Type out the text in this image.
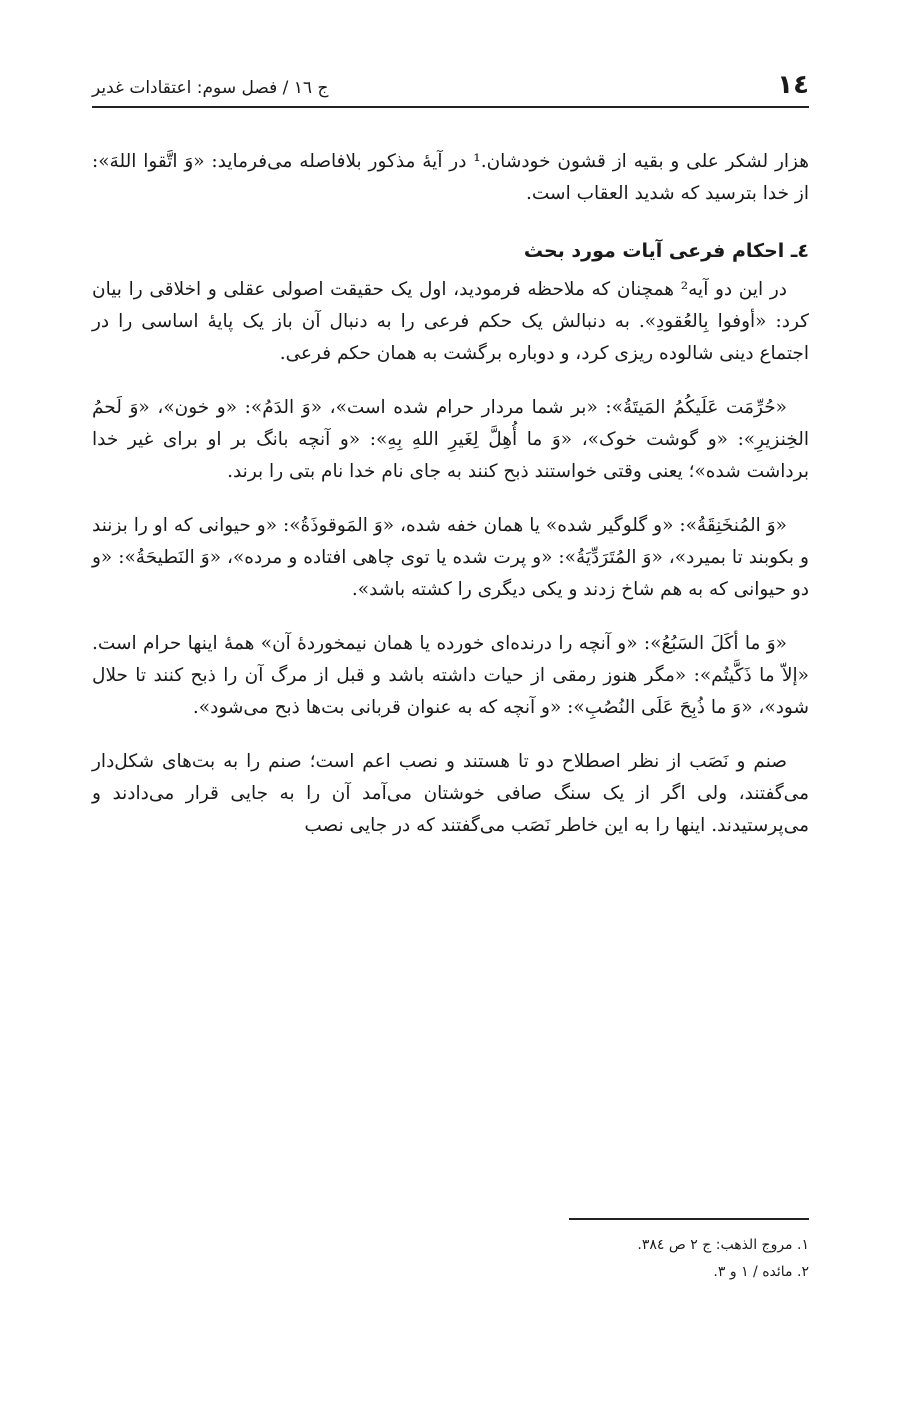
١٤
ج ١٦ / فصل سوم: اعتقادات غدیر

هزار لشکر علی و بقیه از قشون خودشان.¹ در آیهٔ مذکور بلافاصله می‌فرماید: «وَ اتَّقوا اللهَ»: از خدا بترسید که شدید العقاب است.

٤ـ احکام فرعی آیات مورد بحث

در این دو آیه² همچنان که ملاحظه فرمودید، اول یک حقیقت اصولی عقلی و اخلاقی را بیان کرد: «أوفوا بِالعُقودِ». به دنبالش یک حکم فرعی را به دنبال آن باز یک پایهٔ اساسی را در اجتماع دینی شالوده ریزی کرد، و دوباره برگشت به همان حکم فرعی.

«حُرِّمَت عَلَیکُمُ المَیتَةُ»: «بر شما مردار حرام شده است»، «وَ الدَمُ»: «و خون»، «وَ لَحمُ الخِنزیرِ»: «و گوشت خوک»، «وَ ما أُهِلَّ لِغَیرِ اللهِ بِهِ»: «و آنچه بانگ بر او برای غیر خدا برداشت شده»؛ یعنی وقتی خواستند ذبح کنند به جای نام خدا نام بتی را برند.

«وَ المُنخَنِقَةُ»: «و گلوگیر شده» یا همان خفه شده، «وَ المَوقوذَةُ»: «و حیوانی که او را بزنند و بکوبند تا بمیرد»، «وَ المُتَرَدِّیَةُ»: «و پرت شده یا توی چاهی افتاده و مرده»، «وَ النَطیحَةُ»: «و دو حیوانی که به هم شاخ زدند و یکی دیگری را کشته باشد».

«وَ ما أکَلَ السَبُعُ»: «و آنچه را درنده‌ای خورده یا همان نیمخوردهٔ آن» همهٔ اینها حرام است. «إلاّ ما ذَکَّیتُم»: «مگر هنوز رمقی از حیات داشته باشد و قبل از مرگ آن را ذبح کنند تا حلال شود»، «وَ ما ذُبِحَ عَلَی النُصُبِ»: «و آنچه که به عنوان قربانی بت‌ها ذبح می‌شود».

صنم و نَصَب از نظر اصطلاح دو تا هستند و نصب اعم است؛ صنم را به بت‌های شکل‌دار می‌گفتند، ولی اگر از یک سنگ صافی خوشتان می‌آمد آن را به جایی قرار می‌دادند و می‌پرستیدند. اینها را به این خاطر نَصَب می‌گفتند که در جایی نصب

١. مروج الذهب: ج ٢ ص ٣٨٤.

٢. مائده / ١ و ٣.
